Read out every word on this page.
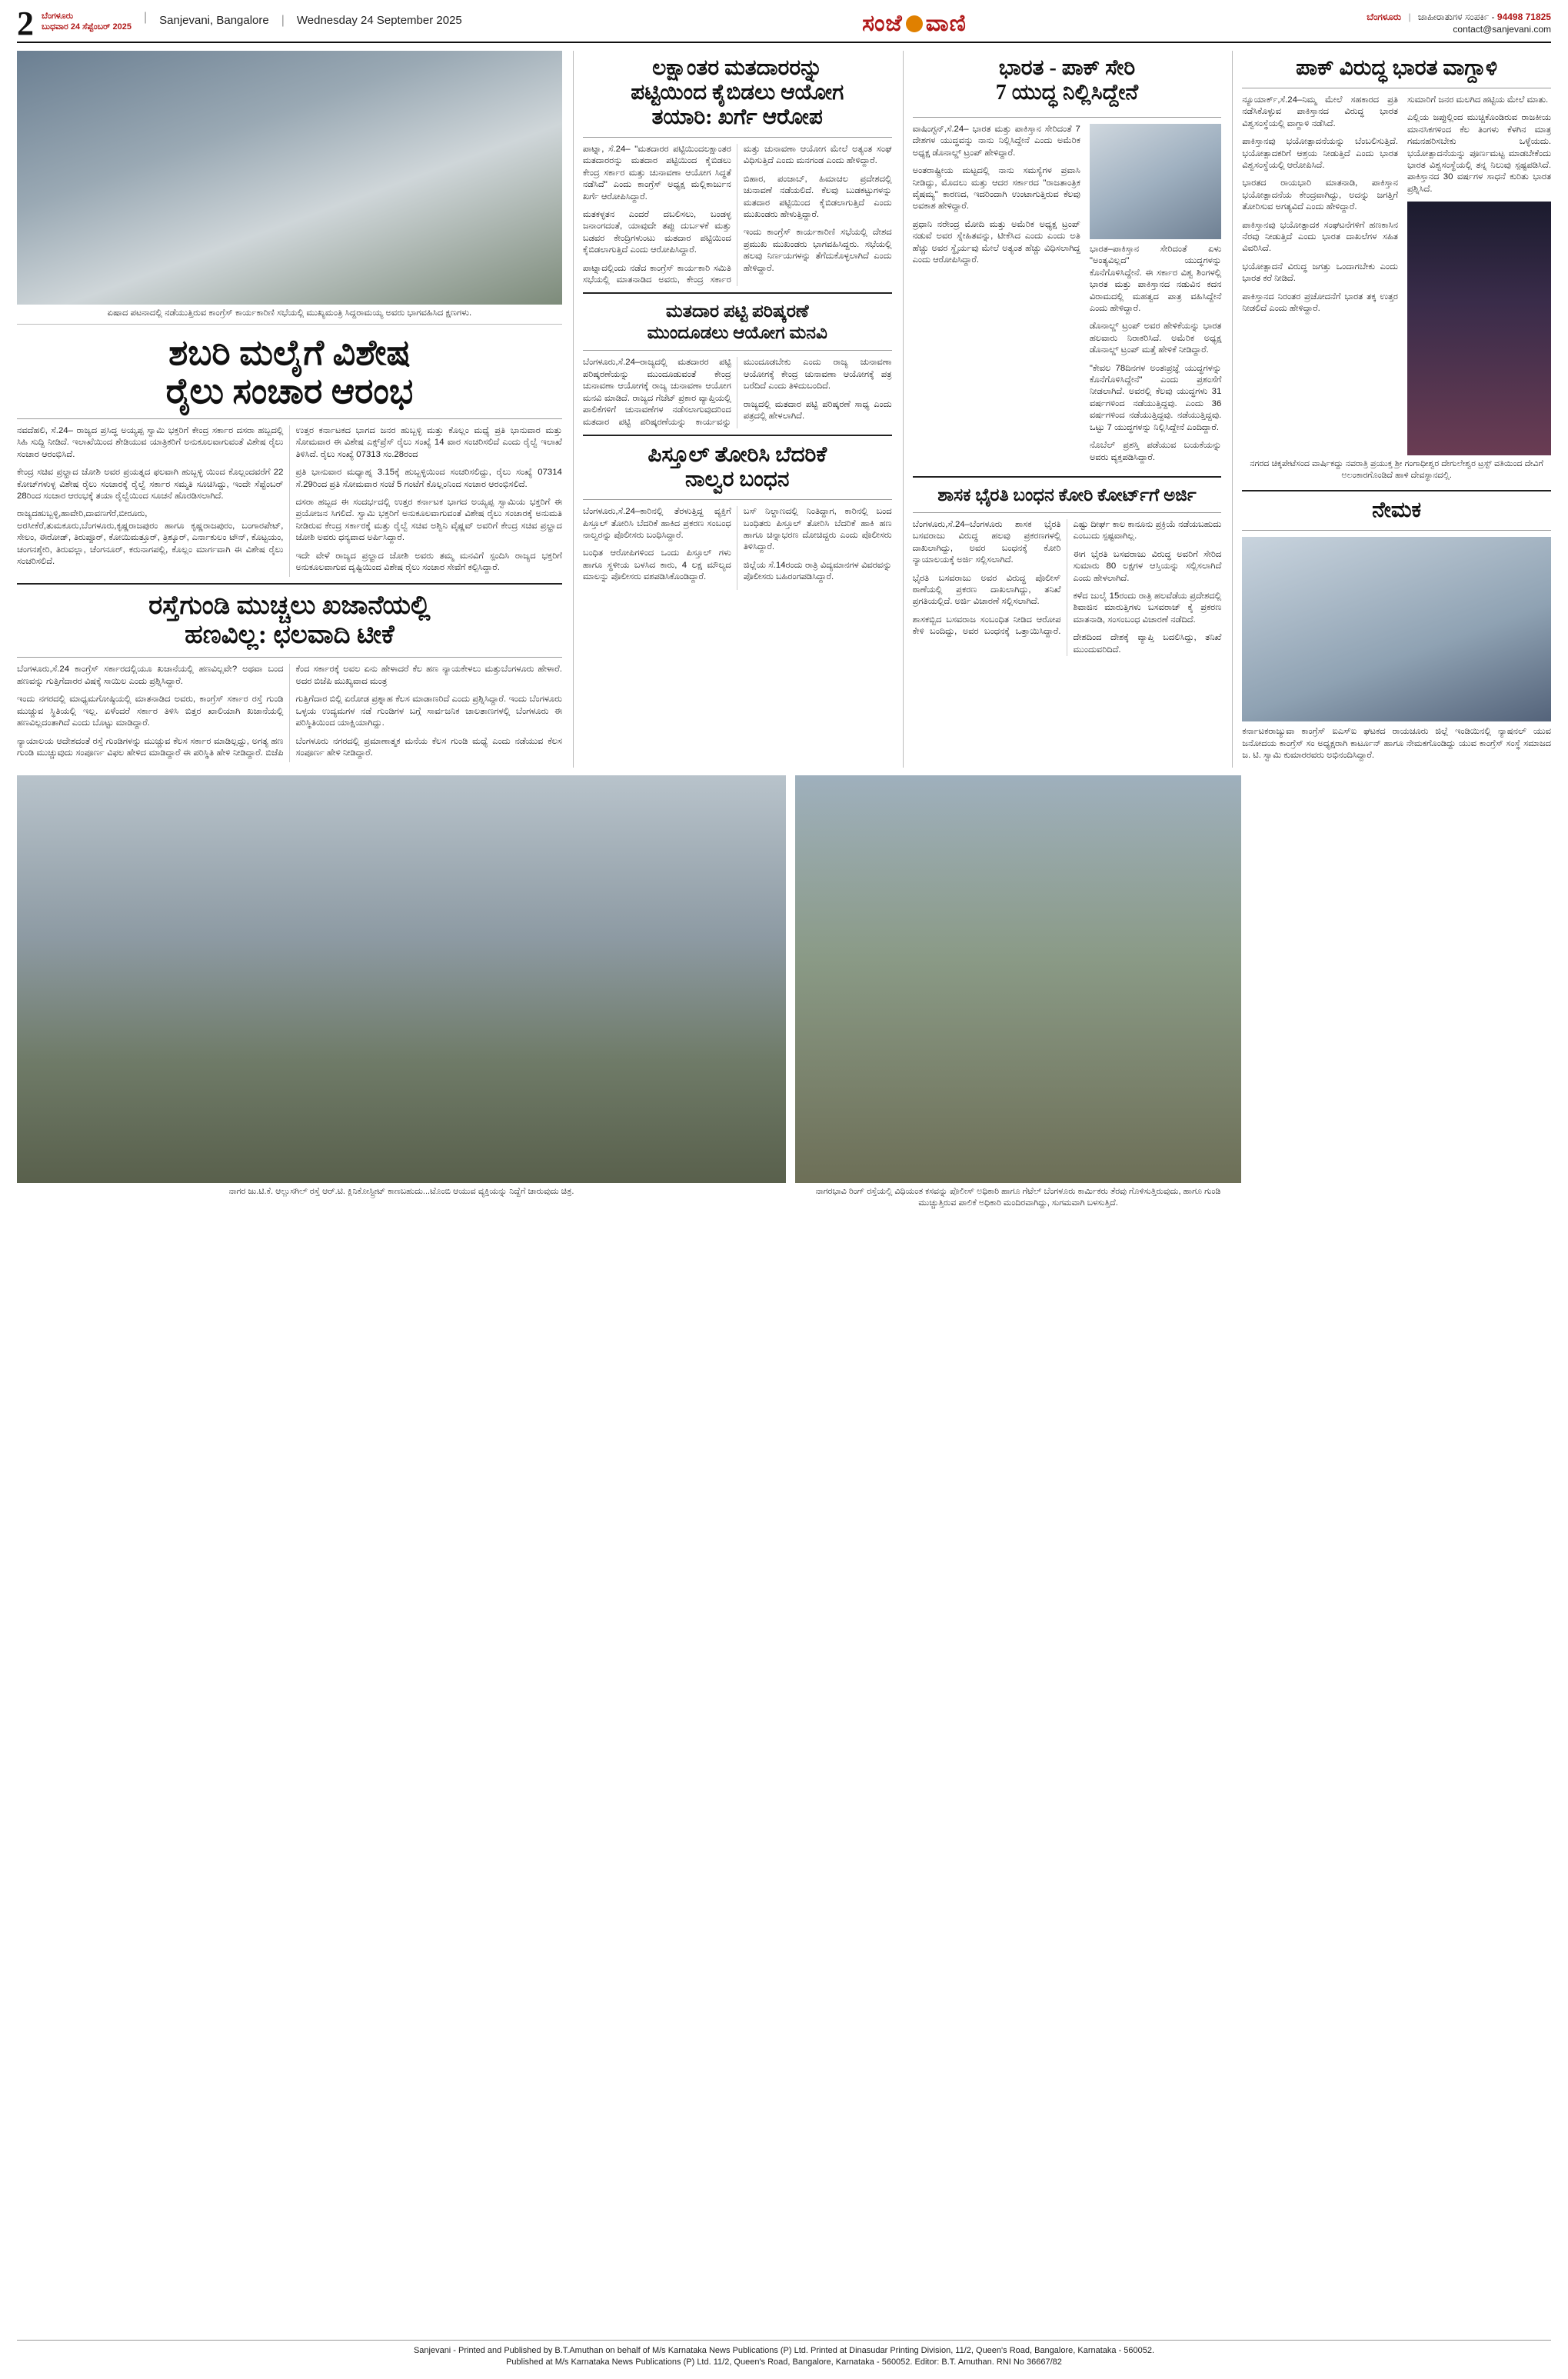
2 ಬೆಂಗಳೂರು
ಬುಧವಾರ 24 ಸೆಪ್ಟೆಂಬರ್ 2025
|	Sanjevani, Bangalore	|	Wednesday 24 September 2025	ಸಂಜೆ ವಾಣಿ	ಬೆಂಗಳೂರು | ಜಾಹೀರಾತುಗಳ ಸಂಪರ್ಕಿ - 94498 71825
contact@sanjevani.com
ಏಷಾದ ಪಟನಾದಲ್ಲಿ ನಡೆಯುತ್ತಿರುವ ಕಾಂಗ್ರೆಸ್ ಕಾರ್ಯಕಾರಿಣಿ ಸಭೆಯಲ್ಲಿ ಮುಖ್ಯಮಂತ್ರಿ ಸಿದ್ದರಾಮಯ್ಯ ಅವರು ಭಾಗವಹಿಸಿದ ಕ್ಷಣಗಳು.
ಶಬರಿ ಮಲೈಗೆ ವಿಶೇಷ
ರೈಲು ಸಂಚಾರ ಆರಂಭ

ನವದೆಹಲಿ, ಸೆ.24– ರಾಜ್ಯದ ಪ್ರಸಿದ್ಧ ಅಯ್ಯಪ್ಪ ಸ್ವಾಮಿ ಭಕ್ತರಿಗೆ ಕೇಂದ್ರ ಸರ್ಕಾರ ದಸರಾ ಹಬ್ಬದಲ್ಲಿ ಸಿಹಿ ಸುದ್ದಿ ನೀಡಿದೆ. ಇಲಾಖೆಯಿಂದ ಶೇಡಿಯುವ ಯಾತ್ರಿಕರಿಗೆ ಅನುಕೂಲವಾಗುವಂತೆ ವಿಶೇಷ ರೈಲು ಸಂಚಾರ ಆರಂಭಿಸಿದೆ.

ಕೇಂದ್ರ ಸಚಿವ ಪ್ರಲ್ಹಾದ ಜೋಶಿ ಅವರ ಪ್ರಯತ್ನದ ಫಲವಾಗಿ ಹುಬ್ಬಳ್ಳಿ ಯಿಂದ ಕೊಲ್ಲಂದವರೆಗೆ 22 ಕೋಚ್‌ಗಳುಳ್ಳ ವಿಶೇಷ ರೈಲು ಸಂಚಾರಕ್ಕೆ ರೈಲ್ವೆ ಸರ್ಕಾರ ಸಮ್ಮತಿ ಸೂಚಿಸಿದ್ದು, ಇಂದೇ ಸೆಪ್ಟೆಂಬರ್ 28ರಿಂದ ಸಂಚಾರ ಆರಂಭಕ್ಕೆ ತಯಾ ರೈಲ್ವೆಯಿಂದ ಸೂಚನೆ ಹೊರಡಿಸಲಾಗಿದೆ.

ರಾಜ್ಯದಹುಬ್ಬಳ್ಳಿ,ಹಾವೇರಿ,ದಾವಣಗೆರೆ,ಬೀರೂರು, ಅರಸೀಕೆರೆ,ತುಮಕೂರು,ಬೆಂಗಳೂರು,ಕೃಷ್ಣರಾಜಪುರಂ ಹಾಗೂ ಕೃಷ್ಣರಾಜಪುರಂ, ಬಂಗಾರಪೇಟ್, ಸೇಲಂ, ಈರೋಡ್, ತಿರುಪ್ಪೂರ್, ಕೋಯಿಮತ್ತೂರ್, ತ್ರಿಶ್ಶೂರ್, ಎರ್ನಾಕುಲಂ ಟೌನ್, ಕೊಟ್ಟಯಂ, ಚಂಗನಶ್ಶೇರಿ, ತಿರುವಲ್ಲಾ, ಚೆಂಗನೂರ್, ಕರುನಾಗಪಲ್ಲಿ, ಕೊಲ್ಲಂ ಮಾರ್ಗವಾಗಿ ಈ ವಿಶೇಷ ರೈಲು ಸಂಚರಿಸಲಿದೆ.

ಉತ್ತರ ಕರ್ನಾಟಕದ ಭಾಗದ ಜನರ ಹುಬ್ಬಳ್ಳಿ ಮತ್ತು ಕೊಲ್ಲಂ ಮಧ್ಯೆ ಪ್ರತಿ ಭಾನುವಾರ ಮತ್ತು ಸೋಮವಾರ ಈ ವಿಶೇಷ ಎಕ್ಸ್‌ಪ್ರೆಸ್ ರೈಲು ಸಂಖ್ಯೆ 14 ವಾರ ಸಂಚರಿಸಲಿದೆ ಎಂದು ರೈಲ್ವೆ ಇಲಾಖೆ ತಿಳಿಸಿದೆ. ರೈಲು ಸಂಖ್ಯೆ 07313 ಸಂ.28ರಂದ

ಪ್ರತಿ ಭಾನುವಾರ ಮಧ್ಯಾಹ್ನ 3.15ಕ್ಕೆ ಹುಬ್ಬಳ್ಳಿಯಿಂದ ಸಂಚರಿಸಲಿದ್ದು, ರೈಲು ಸಂಖ್ಯೆ 07314 ಸೆ.29ರಿಂದ ಪ್ರತಿ ಸೋಮವಾರ ಸಂಜೆ 5 ಗಂಟೆಗೆ ಕೊಲ್ಲಂನಿಂದ ಸಂಚಾರ ಆರಂಭಿಸಲಿದೆ.

ದಸರಾ ಹಬ್ಬದ ಈ ಸಂದರ್ಭದಲ್ಲಿ ಉತ್ತರ ಕರ್ನಾಟಕ ಭಾಗದ ಅಯ್ಯಪ್ಪ ಸ್ವಾಮಿಯ ಭಕ್ತರಿಗೆ ಈ ಪ್ರಯೋಜನ ಸಿಗಲಿದೆ. ಸ್ವಾಮಿ ಭಕ್ತರಿಗೆ ಅನುಕೂಲವಾಗುವಂತೆ ವಿಶೇಷ ರೈಲು ಸಂಚಾರಕ್ಕೆ ಅನುಮತಿ ನೀಡಿರುವ ಕೇಂದ್ರ ಸರ್ಕಾರಕ್ಕೆ ಮತ್ತು ರೈಲ್ವೆ ಸಚಿವ ಅಶ್ವಿನಿ ವೈಷ್ಣವ್ ಅವರಿಗೆ ಕೇಂದ್ರ ಸಚಿವ ಪ್ರಲ್ಹಾದ ಜೋಶಿ ಅವರು ಧನ್ಯವಾದ ಅರ್ಪಿಸಿದ್ದಾರೆ.

ಇದೇ ವೇಳೆ ರಾಜ್ಯದ ಪ್ರಲ್ಹಾದ ಜೋಶಿ ಅವರು ತಮ್ಮ ಮನವಿಗೆ ಸ್ಪಂದಿಸಿ ರಾಜ್ಯದ ಭಕ್ತರಿಗೆ ಅನುಕೂಲವಾಗುವ ದೃಷ್ಟಿಯಿಂದ ವಿಶೇಷ ರೈಲು ಸಂಚಾರ ಸೇವೆಗೆ ಕಲ್ಪಿಸಿದ್ದಾರೆ.

ರಸ್ತೆಗುಂಡಿ ಮುಚ್ಚಲು ಖಜಾನೆಯಲ್ಲಿ
ಹಣವಿಲ್ಲ: ಛಲವಾದಿ ಟೀಕೆ

ಬೆಂಗಳೂರು,ಸೆ.24 ಕಾಂಗ್ರೆಸ್ ಸರ್ಕಾರದಲ್ಲಿಯೂ ಖಜಾನೆಯಲ್ಲಿ ಹಣವಿಲ್ಲವೇ? ಅಥವಾ ಬಂದ ಹಣವನ್ನು ಗುತ್ತಿಗೆದಾರರ ವಿಷಕ್ಕೆ ಸಾಯಿಲ ಎಂದು ಪ್ರಶ್ನಿಸಿದ್ದಾರೆ.

ಇಂದು ನಗರದಲ್ಲಿ ಮಾಧ್ಯಮಗೋಷ್ಠಿಯಲ್ಲಿ ಮಾತನಾಡಿದ ಅವರು, ಕಾಂಗ್ರೆಸ್ ಸರ್ಕಾರ ರಸ್ತೆ ಗುಂಡಿ ಮುಚ್ಚುವ ಸ್ಥಿತಿಯಲ್ಲಿ ಇಲ್ಲ. ಏಳೆಂದರೆ ಸರ್ಕಾರ ತಿಳಿಸಿ ಬಿತ್ತರ ಖಾಲಿಯಾಗಿ ಖಜಾನೆಯಲ್ಲಿ ಹಣವಿಲ್ಲದಂತಾಗಿದೆ ಎಂದು ಬೊಟ್ಟು ಮಾಡಿದ್ದಾರೆ.

ನ್ಯಾಯಾಲಯ ಆದೇಶದಂತೆ ರಸ್ತೆ ಗುಂಡಿಗಳನ್ನು ಮುಚ್ಚುವ ಕೆಲಸ ಸರ್ಕಾರ ಮಾಡಿಲ್ಲದ್ದು, ಅಗತ್ಯ ಹಣ ಗುಂಡಿ ಮುಚ್ಚುವುದು ಸಂಪೂರ್ಣ ವಿಫಲ ಹೇಳಿದ ಮಾಡಿದ್ದಾರೆ ಈ ಪರಿಸ್ಥಿತಿ ಹೇಳಿ ನೀಡಿದ್ದಾರೆ. ಬಿಜೆಪಿ ಕೆಂದ ಸರ್ಕಾರಕ್ಕೆ ಅವಲ ಏನು ಹೇಳಾದರೆ ಕೆಲ ಹಣ ನ್ಯಾಯಕೇಳಲು ಮತ್ತುಬೆಂಗಳೂರು ಹೇಳಾರೆ. ಅದರ ಬಿಜೆಪಿ ಮುಖ್ಯವಾದ ಮಂತ್ರ

ಗುತ್ತಿಗೆದಾರ ಬಿಲ್ಲಿ ಏರೋಡ ಪ್ರಶ್ನಾಹ ಕೆಲಸ ಮಾಡಾಣರಿದೆ ಎಂದು ಪ್ರಶ್ನಿಸಿದ್ದಾರೆ. ಇಂದು ಬೆಂಗಳೂರು ಒಳ್ಳಯ ಉದ್ಯಮಗಳ ನಡೆ ಗುಂಡಿಗಳ ಬಗ್ಗೆ ಸಾರ್ವಜನಿಕ ಜಾಲತಾಣಗಳಲ್ಲಿ ಬೆಂಗಳೂರು ಈ ಪರಿಸ್ಥಿತಿಯಿಂದ ಯಾಕ್ಷಿಯಾಗಿದ್ದು.

ಬೆಂಗಳೂರು ನಗರದಲ್ಲಿ ಪ್ರಮಾಣಾತ್ಮಕ ಮನೆಯ ಕೆಲಸ ಗುಂಡಿ ಮಧ್ಯೆ ಎಂದು ನಡೆಯುವ ಕೆಲಸ ಸಂಪೂರ್ಣ ಹೇಳಿ ನೀಡಿದ್ದಾರೆ.

ಲಕ್ಷಾಂತರ ಮತದಾರರನ್ನು
ಪಟ್ಟಿಯಿಂದ ಕೈಬಿಡಲು ಆಯೋಗ
ತಯಾರಿ: ಖರ್ಗೆ ಆರೋಪ

ಪಾಟ್ನಾ, ಸೆ.24– "ಮತದಾರರ ಪಟ್ಟಿಯಿಂದಲಕ್ಷಾಂತರ ಮತದಾರರನ್ನು ಮತದಾರ ಪಟ್ಟಿಯಿಂದ ಕೈಬಿಡಲು ಕೇಂದ್ರ ಸರ್ಕಾರ ಮತ್ತು ಚುನಾವಣಾ ಆಯೋಗ ಸಿದ್ಧತೆ ನಡೆಸಿದೆ" ಎಂದು ಕಾಂಗ್ರೆಸ್ ಅಧ್ಯಕ್ಷ ಮಲ್ಲಿಕಾರ್ಜುನ ಖರ್ಗೆ ಆರೋಪಿಸಿದ್ದಾರೆ.

ಮತಕಳ್ಳತನ ಎಂದರೆ ದಬಲಿಸಲು, ಬಂಡಳ್ಳ ಜನಾಂಗದಂತೆ, ಯಾವುದೇ ತಪ್ಪು ದುರ್ಬಳಕೆ ಮತ್ತು ಬಡವರ ಕೇಂದ್ರಿಗಳುಂಟು ಮತದಾರ ಪಟ್ಟಿಯಿಂದ ಕೈಬಿಡಲಾಗುತ್ತಿದೆ ಎಂದು ಆರೋಪಿಸಿದ್ದಾರೆ.

ಪಾಟ್ನಾದಲ್ಲಿಂದು ನಡೆದ ಕಾಂಗ್ರೆಸ್ ಕಾರ್ಯಕಾರಿ ಸಮಿತಿ ಸಭೆಯಲ್ಲಿ ಮಾತನಾಡಿದ ಅವರು, ಕೇಂದ್ರ ಸರ್ಕಾರ ಮತ್ತು ಚುನಾವಣಾ ಆಯೋಗ ಮೇಲೆ ಅತ್ಯಂತ ಸಂಘ ವಿಧಿಸುತ್ತಿದೆ ಎಂದು ಮನಗಂಡ ಎಂದು ಹೇಳಿದ್ದಾರೆ.

ಬಿಹಾರ, ಪಂಜಾಬ್, ಹಿಮಾಚಲ ಪ್ರದೇಶದಲ್ಲಿ ಚುನಾವಣೆ ನಡೆಯಲಿದೆ. ಕೆಲವು ಬುಡಕಟ್ಟುಗಳನ್ನು ಮತದಾರ ಪಟ್ಟಿಯಿಂದ ಕೈಬಿಡಲಾಗುತ್ತಿದೆ ಎಂದು ಮುಖಂಡರು ಹೇಳುತ್ತಿದ್ದಾರೆ.

ಇಂದು ಕಾಂಗ್ರೆಸ್ ಕಾರ್ಯಕಾರಿಣಿ ಸಭೆಯಲ್ಲಿ ದೇಶದ ಪ್ರಮುಖ ಮುಖಂಡರು ಭಾಗವಹಿಸಿದ್ದರು. ಸಭೆಯಲ್ಲಿ ಹಲವು ನಿರ್ಣಯಗಳನ್ನು ತೆಗೆದುಕೊಳ್ಳಲಾಗಿದೆ ಎಂದು ಹೇಳಿದ್ದಾರೆ.

ಮತದಾರ ಪಟ್ಟಿ ಪರಿಷ್ಕರಣೆ
ಮುಂದೂಡಲು ಆಯೋಗ ಮನವಿ

ಬೆಂಗಳೂರು,ಸೆ.24–ರಾಜ್ಯದಲ್ಲಿ ಮತದಾರರ ಪಟ್ಟಿ ಪರಿಷ್ಕರಣೆಯನ್ನು ಮುಂದೂಡುವಂತೆ ಕೇಂದ್ರ ಚುನಾವಣಾ ಆಯೋಗಕ್ಕೆ ರಾಜ್ಯ ಚುನಾವಣಾ ಆಯೋಗ ಮನವಿ ಮಾಡಿದೆ. ರಾಜ್ಯದ ಗೆಜೆಟ್ ಪ್ರಕಾರ ವ್ಯಾಪ್ತಿಯಲ್ಲಿ ಪಾಲಿಕೆಗಳಿಗೆ ಚುನಾವಣೆಗಳ ನಡೆಸಲಾಗುವುದರಿಂದ ಮತದಾರ ಪಟ್ಟಿ ಪರಿಷ್ಕರಣೆಯನ್ನು ಕಾರ್ಯವನ್ನು ಮುಂದೂಡಬೇಕು ಎಂದು ರಾಜ್ಯ ಚುನಾವಣಾ ಆಯೋಗಕ್ಕೆ ಕೇಂದ್ರ ಚುನಾವಣಾ ಆಯೋಗಕ್ಕೆ ಪತ್ರ ಬರೆದಿದೆ ಎಂದು ತಿಳಿದುಬಂದಿದೆ.

ರಾಜ್ಯದಲ್ಲಿ ಮತದಾರ ಪಟ್ಟಿ ಪರಿಷ್ಕರಣೆ ಸಾಧ್ಯ ಎಂದು ಪತ್ರದಲ್ಲಿ ಹೇಳಲಾಗಿದೆ.

ಪಿಸ್ತೂಲ್ ತೋರಿಸಿ ಬೆದರಿಕೆ
ನಾಲ್ವರ ಬಂಧನ

ಬೆಂಗಳೂರು,ಸೆ.24–ಕಾರಿನಲ್ಲಿ ತೆರಳುತ್ತಿದ್ದ ವ್ಯಕ್ತಿಗೆ ಪಿಸ್ತೂಲ್ ತೋರಿಸಿ ಬೆದರಿಕೆ ಹಾಕಿದ ಪ್ರಕರಣ ಸಂಬಂಧ ನಾಲ್ವರನ್ನು ಪೊಲೀಸರು ಬಂಧಿಸಿದ್ದಾರೆ.

ಬಂಧಿತ ಆರೋಪಿಗಳಿಂದ ಒಂದು ಪಿಸ್ತೂಲ್ ಗಳು ಹಾಗೂ ಸ್ಥಳೀಯ ಬಳಸಿದ ಕಾರು, 4 ಲಕ್ಷ ಮೌಲ್ಯದ ಮಾಲನ್ನು ಪೊಲೀಸರು ವಶಪಡಿಸಿಕೊಂಡಿದ್ದಾರೆ.

ಬಸ್ ನಿಲ್ದಾಣದಲ್ಲಿ ನಿಂತಿದ್ದಾಗ, ಕಾರಿನಲ್ಲಿ ಬಂದ ಬಂಧಿತರು ಪಿಸ್ತೂಲ್ ತೋರಿಸಿ ಬೆದರಿಕೆ ಹಾಕಿ ಹಣ ಹಾಗೂ ಚಿನ್ನಾಭರಣ ದೋಚಿದ್ದರು ಎಂದು ಪೊಲೀಸರು ತಿಳಿಸಿದ್ದಾರೆ.

ಜಿಲ್ಲೆಯ ಸೆ.14ರಂದು ರಾತ್ರಿ ವಿದ್ಯಮಾನಗಳ ವಿವರವನ್ನು ಪೊಲೀಸರು ಬಹಿರಂಗಪಡಿಸಿದ್ದಾರೆ.

ಭಾರತ - ಪಾಕ್ ಸೇರಿ
7 ಯುದ್ಧ ನಿಲ್ಲಿಸಿದ್ದೇನೆ

ವಾಷಿಂಗ್ಟನ್,ಸೆ.24– ಭಾರತ ಮತ್ತು ಪಾಕಿಸ್ತಾನ ಸೇರಿದಂತೆ 7 ದೇಶಗಳ ಯುದ್ಧವನ್ನು ನಾನು ನಿಲ್ಲಿಸಿದ್ದೇನೆ ಎಂದು ಅಮೆರಿಕ ಅಧ್ಯಕ್ಷ ಡೊನಾಲ್ಡ್ ಟ್ರಂಪ್ ಹೇಳಿದ್ದಾರೆ.

ಅಂತರಾಷ್ಟ್ರೀಯ ಮಟ್ಟದಲ್ಲಿ ನಾನು ಸಮಸ್ಯೆಗಳ ಪ್ರವಾಸಿ ನೀಡಿದ್ದು, ಮೊದಲು ಮತ್ತು ಆದರ ಸರ್ಕಾರದ "ರಾಜತಾಂತ್ರಿಕ ವೈಷಮ್ಯ" ಕಾರಣದ, ಇದರಿಂದಾಗಿ ಉಂಟಾಗುತ್ತಿರುವ ಕೆಲವು ಅವಕಾಶ ಹೇಳಿದ್ದಾರೆ.

ಪ್ರಧಾನಿ ನರೇಂದ್ರ ಮೋದಿ ಮತ್ತು ಅಮೆರಿಕ ಅಧ್ಯಕ್ಷ ಟ್ರಂಪ್ ನಡುವೆ ಅವರ ಸ್ನೇಹಿತವನ್ನು, ಟೀಕೆಸಿದ ಎಂದು ಎಂದು ಅತಿ ಹೆಚ್ಚು ಅವರ ಸ್ಥೈರ್ಯವು ಮೇಲೆ ಅತ್ಯಂತ ಹೆಚ್ಚು ವಿಧಿಸಲಾಗಿದ್ದ ಎಂದು ಆರೋಪಿಸಿದ್ದಾರೆ.

ಭಾರತ–ಪಾಕಿಸ್ತಾನ ಸೇರಿದಂತೆ ಏಳು "ಅಂತ್ಯವಿಲ್ಲದ" ಯುದ್ಧಗಳನ್ನು ಕೊನೆಗೊಳಿಸಿದ್ದೇನೆ. ಈ ಸರ್ಕಾರ ವಿಶ್ವ ಶಿಂಗಳಲ್ಲಿ ಭಾರತ ಮತ್ತು ಪಾಕಿಸ್ತಾನದ ನಡುವಿನ ಕದನ ವಿರಾಮದಲ್ಲಿ ಮಹತ್ವದ ಪಾತ್ರ ವಹಿಸಿದ್ದೇನೆ ಎಂದು ಹೇಳಿದ್ದಾರೆ.

ಡೊನಾಲ್ಡ್ ಟ್ರಂಪ್ ಅವರ ಹೇಳಿಕೆಯನ್ನು ಭಾರತ ಹಲವಾರು ನಿರಾಕರಿಸಿದೆ. ಅಮೆರಿಕ ಅಧ್ಯಕ್ಷ ಡೊನಾಲ್ಡ್ ಟ್ರಂಪ್ ಮತ್ತೆ ಹೇಳಿಕೆ ನೀಡಿದ್ದಾರೆ.

"ಕೇವಲ 78ದಿನಗಳ ಅಂತಃಪ್ರಜ್ಞೆ ಯುದ್ಧಗಳನ್ನು ಕೊನೆಗೊಳಿಸಿದ್ದೇನೆ" ಎಂದು ಪ್ರಶಂಸೆಗೆ ನೀಡಲಾಗಿದೆ. ಅವರಲ್ಲಿ ಕೆಲವು ಯುದ್ಧಗಳು 31 ವರ್ಷಗಳಿಂದ ನಡೆಯುತ್ತಿದ್ದವು. ಎಂದು 36 ವರ್ಷಗಳಿಂದ ನಡೆಯುತ್ತಿದ್ದವು. ನಡೆಯುತ್ತಿದ್ದವು. ಒಟ್ಟು 7 ಯುದ್ಧಗಳನ್ನು ನಿಲ್ಲಿಸಿದ್ದೇನೆ ಎಂದಿದ್ದಾರೆ.

ನೊಬೆಲ್ ಪ್ರಶಸ್ತಿ ಪಡೆಯುವ ಬಯಕೆಯನ್ನು ಅವರು ವ್ಯಕ್ತಪಡಿಸಿದ್ದಾರೆ.

ಶಾಸಕ ಭೈರತಿ ಬಂಧನ ಕೋರಿ ಕೋರ್ಟ್‌ಗೆ ಅರ್ಜಿ

ಬೆಂಗಳೂರು,ಸೆ.24–ಬೆಂಗಳೂರು ಶಾಸಕ ಭೈರತಿ ಬಸವರಾಜು ವಿರುದ್ಧ ಹಲವು ಪ್ರಕರಣಗಳಲ್ಲಿ ದಾಖಲಾಗಿದ್ದು, ಅವರ ಬಂಧನಕ್ಕೆ ಕೋರಿ ನ್ಯಾಯಾಲಯಕ್ಕೆ ಅರ್ಜಿ ಸಲ್ಲಿಸಲಾಗಿದೆ.

ಭೈರತಿ ಬಸವರಾಜು ಅವರ ವಿರುದ್ಧ ಪೊಲೀಸ್ ಠಾಣೆಯಲ್ಲಿ ಪ್ರಕರಣ ದಾಖಲಾಗಿದ್ದು, ತನಿಖೆ ಪ್ರಗತಿಯಲ್ಲಿದೆ. ಅರ್ಜಿ ವಿಚಾರಣೆ ಸಲ್ಲಿಸಲಾಗಿದೆ.

ಶಾಸಕಬ್ಬಿದ ಬಸವರಾಜ ಸಂಬಂಧಿತ ನೀಡಿದ ಆರೋಪ ಕೇಳಿ ಬಂದಿದ್ದು, ಅವರ ಬಂಧನಕ್ಕೆ ಒತ್ತಾಯಿಸಿದ್ದಾರೆ. ಎಷ್ಟು ದೀರ್ಘ ಕಾಲ ಕಾನೂನು ಪ್ರಕ್ರಿಯೆ ನಡೆಯಬಹುದು ಎಂಬುದು ಸ್ಪಷ್ಟವಾಗಿಲ್ಲ.

ಈಗ ಭೈರತಿ ಬಸವರಾಜು ವಿರುದ್ಧ ಅವರಿಗೆ ಸೇರಿದ ಸುಮಾರು 80 ಲಕ್ಷಗಳ ಆಸ್ತಿಯನ್ನು ಸಲ್ಲಿಸಲಾಗಿದೆ ಎಂದು ಹೇಳಲಾಗಿದೆ.

ಕಳೆದ ಜುಲೈ 15ರಂದು ರಾತ್ರಿ ಹಲವೆಡೆಯ ಪ್ರದೇಶದಲ್ಲಿ ಶಿವಾಜಿನ ಮಾರುತ್ತಿಗಳು ಬಸವರಾಜ್ ಕೈ ಪ್ರಕರಣ ಮಾತನಾಡಿ, ಸಂಸಂಬಂಧ ವಿಚಾರಣೆ ನಡೆದಿದೆ.

ದೇಶದಿಂದ ದೇಶಕ್ಕೆ ವ್ಯಾಪ್ತಿ ಬದಲಿಸಿದ್ದು, ತನಿಖೆ ಮುಂದುವರಿದಿದೆ.

ಪಾಕ್ ವಿರುದ್ಧ ಭಾರತ ವಾಗ್ದಾಳಿ

ನ್ಯೂಯಾರ್ಕ್,ಸೆ.24–ನಿಮ್ಮ ಮೇಲೆ ಸಹಕಾರದ ಪ್ರತಿ ನಡೆಸಿಕೊಳ್ಳುವ ಪಾಕಿಸ್ತಾನದ ವಿರುದ್ಧ ಭಾರತ ವಿಶ್ವಸಂಸ್ಥೆಯಲ್ಲಿ ವಾಗ್ದಾಳಿ ನಡೆಸಿದೆ.

ಪಾಕಿಸ್ತಾನವು ಭಯೋತ್ಪಾದನೆಯನ್ನು ಬೆಂಬಲಿಸುತ್ತಿದೆ. ಭಯೋತ್ಪಾದಕರಿಗೆ ಆಶ್ರಯ ನೀಡುತ್ತಿದೆ ಎಂದು ಭಾರತ ವಿಶ್ವಸಂಸ್ಥೆಯಲ್ಲಿ ಆರೋಪಿಸಿದೆ.

ಭಾರತದ ರಾಯಭಾರಿ ಮಾತನಾಡಿ, ಪಾಕಿಸ್ತಾನ ಭಯೋತ್ಪಾದನೆಯ ಕೇಂದ್ರವಾಗಿದ್ದು, ಅದನ್ನು ಜಗತ್ತಿಗೆ ತೋರಿಸುವ ಅಗತ್ಯವಿದೆ ಎಂದು ಹೇಳಿದ್ದಾರೆ.

ಪಾಕಿಸ್ತಾನವು ಭಯೋತ್ಪಾದಕ ಸಂಘಟನೆಗಳಿಗೆ ಹಣಕಾಸಿನ ನೆರವು ನೀಡುತ್ತಿದೆ ಎಂದು ಭಾರತ ದಾಖಲೆಗಳ ಸಹಿತ ವಿವರಿಸಿದೆ.

ಭಯೋತ್ಪಾದನೆ ವಿರುದ್ಧ ಜಗತ್ತು ಒಂದಾಗಬೇಕು ಎಂದು ಭಾರತ ಕರೆ ನೀಡಿದೆ.

ಪಾಕಿಸ್ತಾನದ ನಿರಂತರ ಪ್ರಚೋದನೆಗೆ ಭಾರತ ತಕ್ಕ ಉತ್ತರ ನೀಡಲಿದೆ ಎಂದು ಹೇಳಿದ್ದಾರೆ.

ಸುಮಾರಿಗೆ ಜನರ ಮಲಗಿದ ಹಟ್ಟಿಯ ಮೇಲೆ ಮಾತು.

ಎಲ್ಲಿಯ ಜಪ್ಪುಲ್ಲಿಂದ ಮುಚ್ಚಿಕೊಂಡಿರುವ ರಾಜಕೀಯ ಮಾನಸಿಕಗಳಿಂದ ಕೆಲ ತಿಂಗಳು ಕೆಳಗಿನ ಮಾತ್ರ ಗಮನಹರಿಸಬೇಕು ಒಳ್ಳೆಯದು. ಭಯೋತ್ಪಾದನೆಯನ್ನು ಪೂರ್ಣಮಟ್ಟ ಮಾಡಬೇಕೆಂದು ಭಾರತ ವಿಶ್ವಸಂಸ್ಥೆಯಲ್ಲಿ ತನ್ನ ನಿಲುವು ಸ್ಪಷ್ಟಪಡಿಸಿದೆ. ಪಾಕಿಸ್ತಾನದ 30 ವರ್ಷಗಳ ಸಾಧನೆ ಕುರಿತು ಭಾರತ ಪ್ರಶ್ನಿಸಿದೆ.

ನಗರದ ಚಿಕ್ಕಪೇಟೆಸಂದ ವಾರ್ಷಿಕದ್ದು ನವರಾತ್ರಿ ಪ್ರಯುಕ್ತ ಶ್ರೀ ಗಂಗಾಧೀಶ್ವರ ದೇಗುಲೇಶ್ವರ ಟ್ರಸ್ಟ್ ವತಿಯಿಂದ ದೇವಿಗೆ ಅಲಂಕಾರಗೊಂಡಿದೆ ಹಾಳಿ ದೇವಸ್ಥಾನದಲ್ಲಿ.
ನೇಮಕ

ಕರ್ನಾಟಕರಾಜ್ಯುವಾ ಕಾಂಗ್ರೆಸ್ ಐಎಸ್‌ಐ ಘಟಕದ ರಾಯಚೂರು ಜಿಲ್ಲೆ ಇಂಡಿಯಿನಲ್ಲಿ ನ್ಯಾಷನಲ್ ಯುವ ಜನೋದಯ ಕಾಂಗ್ರೆಸ್ ಸಂ ಅಧ್ಯಕ್ಷರಾಗಿ ಕಾರ್ಟೂನ್ ಹಾಗೂ ನೇಮಕಗೊಂಡಿದ್ದು ಯುವ ಕಾಂಗ್ರೆಸ್ ಸಂಸ್ಥೆ ಸಮಾಜದ ಜ. ಟಿ. ಸ್ವಾಮಿ ಕುಮಾರರವರು ಅಭಿನಂದಿಸಿದ್ದಾರೆ.

ನಾಗರ ಜು.ಟಿ.ಕೆ. ಆಲ್ಲುಸಗಿಲ್ ರಸ್ತೆ ಆರ್‌.ಟಿ. ಕ್ಲಿನಿಕೋಸ್ಟ್ರೀಟ್ ಕಾಣಬಹುದು...ಟೊಂಬಿ ಆಯುವ ವ್ಯಕ್ತಿಯನ್ನು ನಿದ್ದೆಗೆ ಜಾರುವುದು ಚಿತ್ರ.	ನಾಗರಭಾವಿ ರಿಂಗ್ ರಸ್ತೆಯಲ್ಲಿ ವಿಧಿಯಂತ ಕಸವನ್ನು ಪೊಲೀಸ್ ಅಧಿಕಾರಿ ಹಾಗೂ ಗೆಟೆಲ್ ಬೆಂಗಳೂರು ಕಾರ್ಮಿಕರು ತೆರವು ಗೊಳಿಸುತ್ತಿರುವುದು, ಹಾಗೂ ಗುಂಡಿ ಮುಚ್ಚುತ್ತಿರುವ ಪಾಲಿಕೆ ಅಧಿಕಾರಿ ಮಂದಿರವಾಗಿದ್ದು, ಸುಗಮವಾಗಿ ಬಳಸುತ್ತಿದೆ.
Sanjevani - Printed and Published by B.T.Amuthan on behalf of M/s Karnataka News Publications (P) Ltd. Printed at Dinasudar Printing Division, 11/2, Queen's Road, Bangalore, Karnataka - 560052.
Published at M/s Karnataka News Publications (P) Ltd. 11/2, Queen's Road, Bangalore, Karnataka - 560052. Editor: B.T. Amuthan. RNI No 36667/82
